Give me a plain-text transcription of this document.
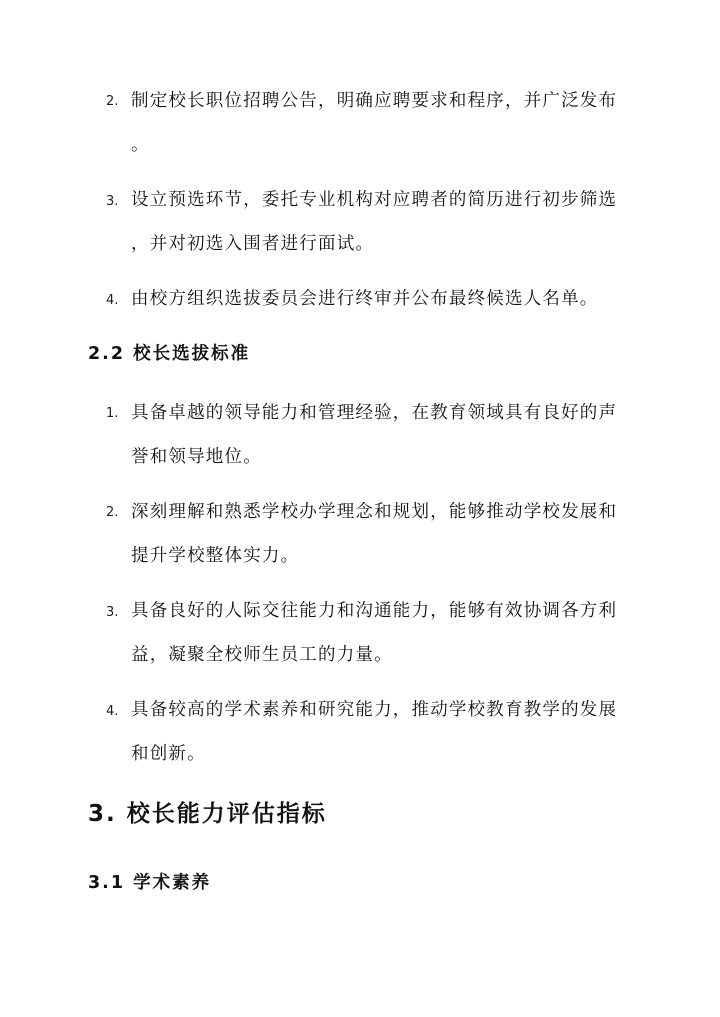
2. 制定校长职位招聘公告，明确应聘要求和程序，并广泛发布
。
3. 设立预选环节，委托专业机构对应聘者的简历进行初步筛选
，并对初选入围者进行面试。
4. 由校方组织选拔委员会进行终审并公布最终候选人名单。
2.2 校长选拔标准
1. 具备卓越的领导能力和管理经验，在教育领域具有良好的声
誉和领导地位。
2. 深刻理解和熟悉学校办学理念和规划，能够推动学校发展和
提升学校整体实力。
3. 具备良好的人际交往能力和沟通能力，能够有效协调各方利
益，凝聚全校师生员工的力量。
4. 具备较高的学术素养和研究能力，推动学校教育教学的发展
和创新。
3. 校长能力评估指标
3.1 学术素养
